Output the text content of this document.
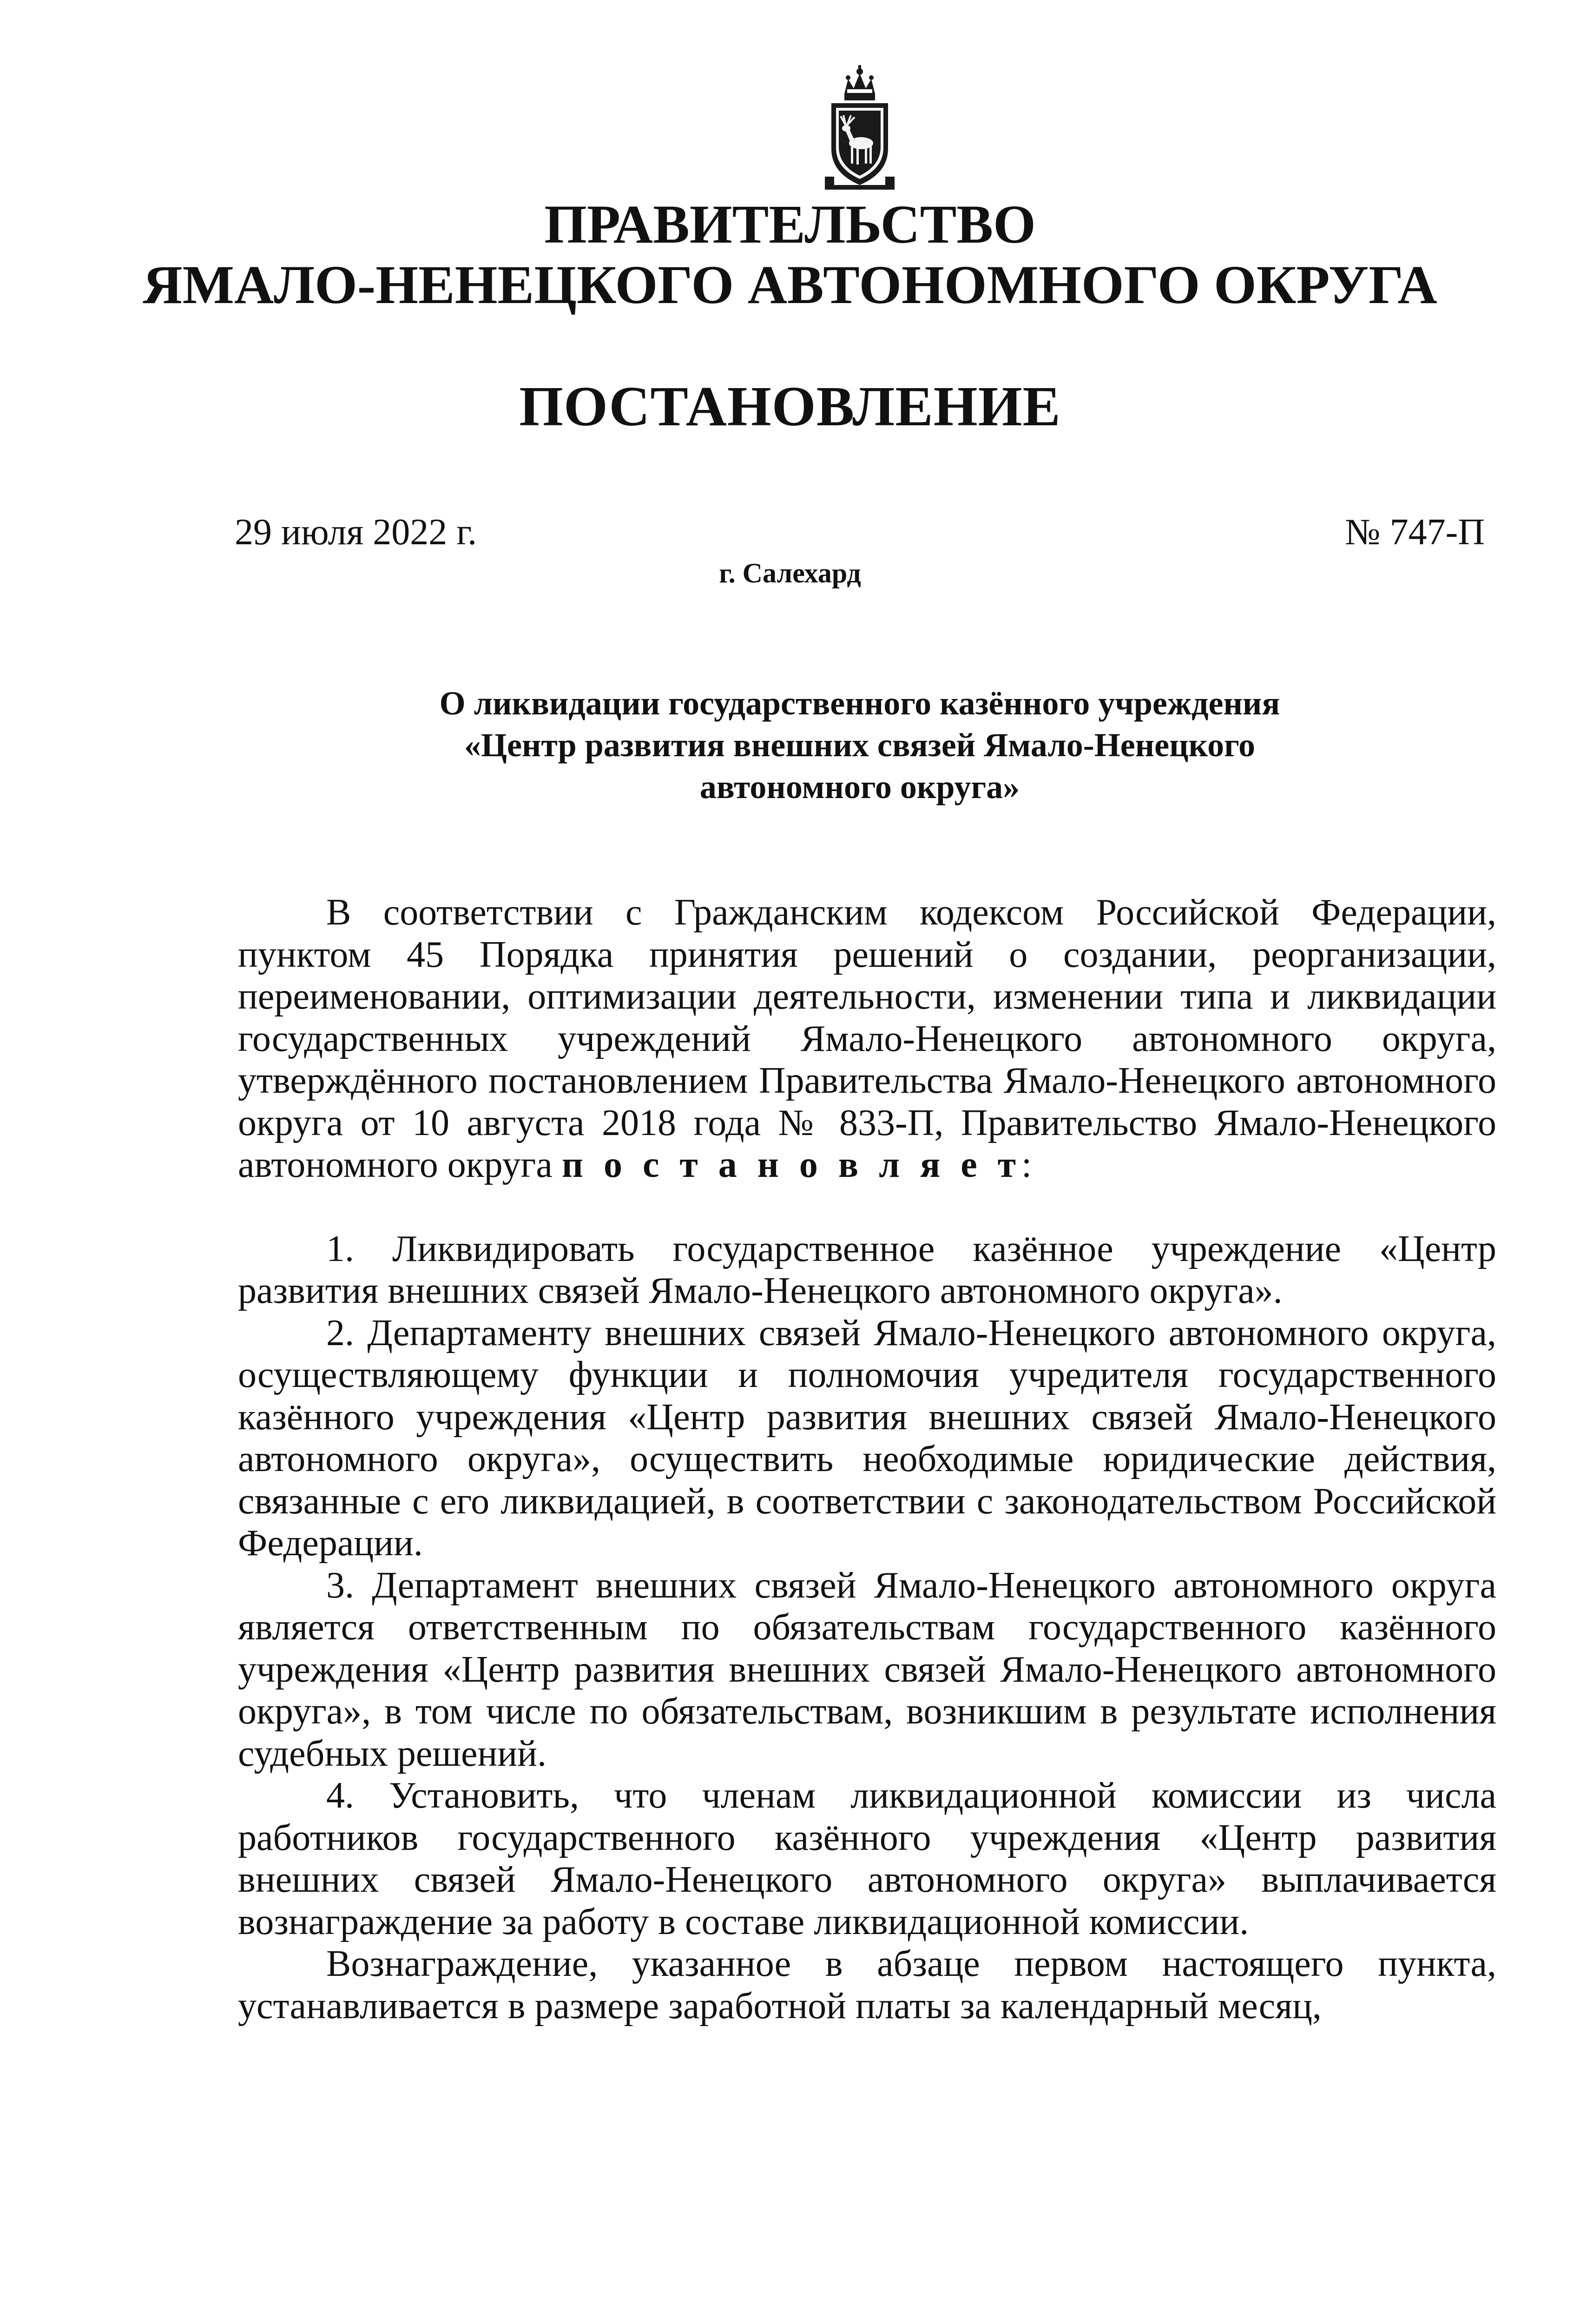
ПРАВИТЕЛЬСТВО
ЯМАЛО-НЕНЕЦКОГО АВТОНОМНОГО ОКРУГА
ПОСТАНОВЛЕНИЕ
29 июля 2022 г.	№ 747-П
г. Салехард
О ликвидации государственного казённого учреждения
«Центр развития внешних связей Ямало-Ненецкого
автономного округа»

В соответствии с Гражданским кодексом Российской Федерации, пунктом 45 Порядка принятия решений о создании, реорганизации, переименовании, оптимизации деятельности, изменении типа и ликвидации государственных учреждений Ямало-Ненецкого автономного округа, утверждённого постановлением Правительства Ямало-Ненецкого автономного округа от 10 августа 2018 года № 833-П, Правительство Ямало-Ненецкого автономного округа п о с т а н о в л я е т:

1. Ликвидировать государственное казённое учреждение «Центр развития внешних связей Ямало-Ненецкого автономного округа».

2. Департаменту внешних связей Ямало-Ненецкого автономного округа, осуществляющему функции и полномочия учредителя государственного казённого учреждения «Центр развития внешних связей Ямало-Ненецкого автономного округа», осуществить необходимые юридические действия, связанные с его ликвидацией, в соответствии с законодательством Российской Федерации.

3. Департамент внешних связей Ямало-Ненецкого автономного округа является ответственным по обязательствам государственного казённого учреждения «Центр развития внешних связей Ямало-Ненецкого автономного округа», в том числе по обязательствам, возникшим в результате исполнения судебных решений.

4. Установить, что членам ликвидационной комиссии из числа работников государственного казённого учреждения «Центр развития внешних связей Ямало-Ненецкого автономного округа» выплачивается вознаграждение за работу в составе ликвидационной комиссии.

Вознаграждение, указанное в абзаце первом настоящего пункта, устанавливается в размере заработной платы за календарный месяц,
